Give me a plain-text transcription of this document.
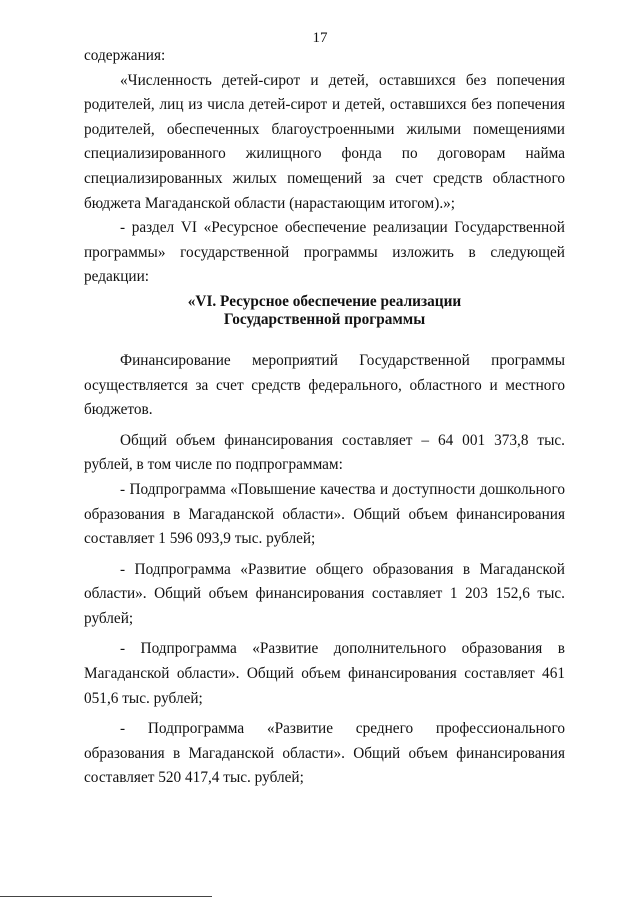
17

содержания:

«Численность детей-сирот и детей, оставшихся без попечения родителей, лиц из числа детей-сирот и детей, оставшихся без попечения родителей, обеспеченных благоустроенными жилыми помещениями специализированного жилищного фонда по договорам найма специализированных жилых помещений за счет средств областного бюджета Магаданской области (нарастающим итогом).»;

- раздел VI «Ресурсное обеспечение реализации Государственной программы» государственной программы изложить в следующей редакции:

«VI. Ресурсное обеспечение реализации
Государственной программы

Финансирование мероприятий Государственной программы осуществляется за счет средств федерального, областного и местного бюджетов.

Общий объем финансирования составляет – 64 001 373,8 тыс. рублей, в том числе по подпрограммам:

- Подпрограмма «Повышение качества и доступности дошкольного образования в Магаданской области». Общий объем финансирования составляет 1 596 093,9 тыс. рублей;

- Подпрограмма «Развитие общего образования в Магаданской области». Общий объем финансирования составляет 1 203 152,6 тыс. рублей;

- Подпрограмма «Развитие дополнительного образования в Магаданской области». Общий объем финансирования составляет 461 051,6 тыс. рублей;

- Подпрограмма «Развитие среднего профессионального образования в Магаданской области». Общий объем финансирования составляет 520 417,4 тыс. рублей;
